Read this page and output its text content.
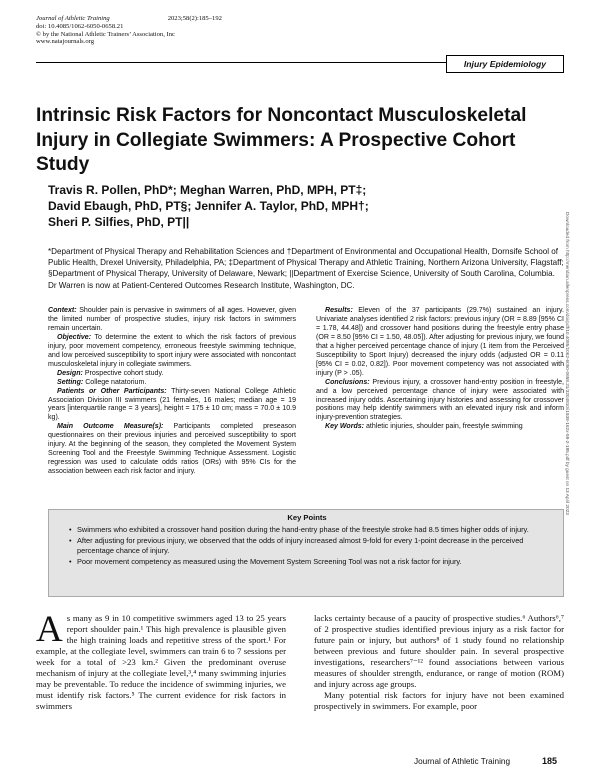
Journal of Athletic Training	2023;58(2):185–192
doi: 10.4085/1062-6050-0658.21
© by the National Athletic Trainers’ Association, Inc
www.natajournals.org
Injury Epidemiology
Intrinsic Risk Factors for Noncontact Musculoskeletal Injury in Collegiate Swimmers: A Prospective Cohort Study
Travis R. Pollen, PhD*; Meghan Warren, PhD, MPH, PT‡;
David Ebaugh, PhD, PT§; Jennifer A. Taylor, PhD, MPH†;
Sheri P. Silfies, PhD, PT||
*Department of Physical Therapy and Rehabilitation Sciences and †Department of Environmental and Occupational Health, Dornsife School of Public Health, Drexel University, Philadelphia, PA; ‡Department of Physical Therapy and Athletic Training, Northern Arizona University, Flagstaff; §Department of Physical Therapy, University of Delaware, Newark; ||Department of Exercise Science, University of South Carolina, Columbia. Dr Warren is now at Patient-Centered Outcomes Research Institute, Washington, DC.

Context: Shoulder pain is pervasive in swimmers of all ages. However, given the limited number of prospective studies, injury risk factors in swimmers remain uncertain.

Objective: To determine the extent to which the risk factors of previous injury, poor movement competency, erroneous freestyle swimming technique, and low perceived susceptibility to sport injury were associated with noncontact musculoskeletal injury in collegiate swimmers.

Design: Prospective cohort study.

Setting: College natatorium.

Patients or Other Participants: Thirty-seven National College Athletic Association Division III swimmers (21 females, 16 males; median age = 19 years [interquartile range = 3 years], height = 175 ± 10 cm; mass = 70.0 ± 10.9 kg).

Main Outcome Measure(s): Participants completed preseason questionnaires on their previous injuries and perceived susceptibility to sport injury. At the beginning of the season, they completed the Movement System Screening Tool and the Freestyle Swimming Technique Assessment. Logistic regression was used to calculate odds ratios (ORs) with 95% CIs for the association between each risk factor and injury.

Results: Eleven of the 37 participants (29.7%) sustained an injury. Univariate analyses identified 2 risk factors: previous injury (OR = 8.89 [95% CI = 1.78, 44.48]) and crossover hand positions during the freestyle entry phase (OR = 8.50 [95% CI = 1.50, 48.05]). After adjusting for previous injury, we found that a higher perceived percentage chance of injury (1 item from the Perceived Susceptibility to Sport Injury) decreased the injury odds (adjusted OR = 0.11 [95% CI = 0.02, 0.82]). Poor movement competency was not associated with injury (P > .05).

Conclusions: Previous injury, a crossover hand-entry position in freestyle, and a low perceived percentage chance of injury were associated with increased injury odds. Ascertaining injury histories and assessing for crossover positions may help identify swimmers with an elevated injury risk and inform injury-prevention strategies.

Key Words: athletic injuries, shoulder pain, freestyle swimming

Key Points
• Swimmers who exhibited a crossover hand position during the hand-entry phase of the freestyle stroke had 8.5 times higher odds of injury.
• After adjusting for previous injury, we observed that the odds of injury increased almost 9-fold for every 1-point decrease in the perceived percentage chance of injury.
• Poor movement competency as measured using the Movement System Screening Tool was not a risk factor for injury.

As many as 9 in 10 competitive swimmers aged 13 to 25 years report shoulder pain.¹ This high prevalence is plausible given the high training loads and repetitive stress of the sport.¹ For example, at the collegiate level, swimmers can train 6 to 7 sessions per week for a total of >23 km.² Given the predominant overuse mechanism of injury at the collegiate level,³,⁴ many swimming injuries may be preventable. To reduce the incidence of swimming injuries, we must identify risk factors.⁵ The current evidence for risk factors in swimmers

lacks certainty because of a paucity of prospective studies.⁶ Authors⁶,⁷ of 2 prospective studies identified previous injury as a risk factor for future pain or injury, but authors⁸ of 1 study found no relationship between previous and future shoulder pain. In several prospective investigations, researchers⁷⁻¹² found associations between various measures of shoulder strength, endurance, or range of motion (ROM) and injury across age groups.

Many potential risk factors for injury have not been examined prospectively in swimmers. For example, poor

Journal of Athletic Training	185
Downloaded from http://meridian.allenpress.com/doi/pdf/10.4085/1062-6050-0658.21/3204810/i1938-162x-58-2-185.pdf by guest on 13 April 2023
